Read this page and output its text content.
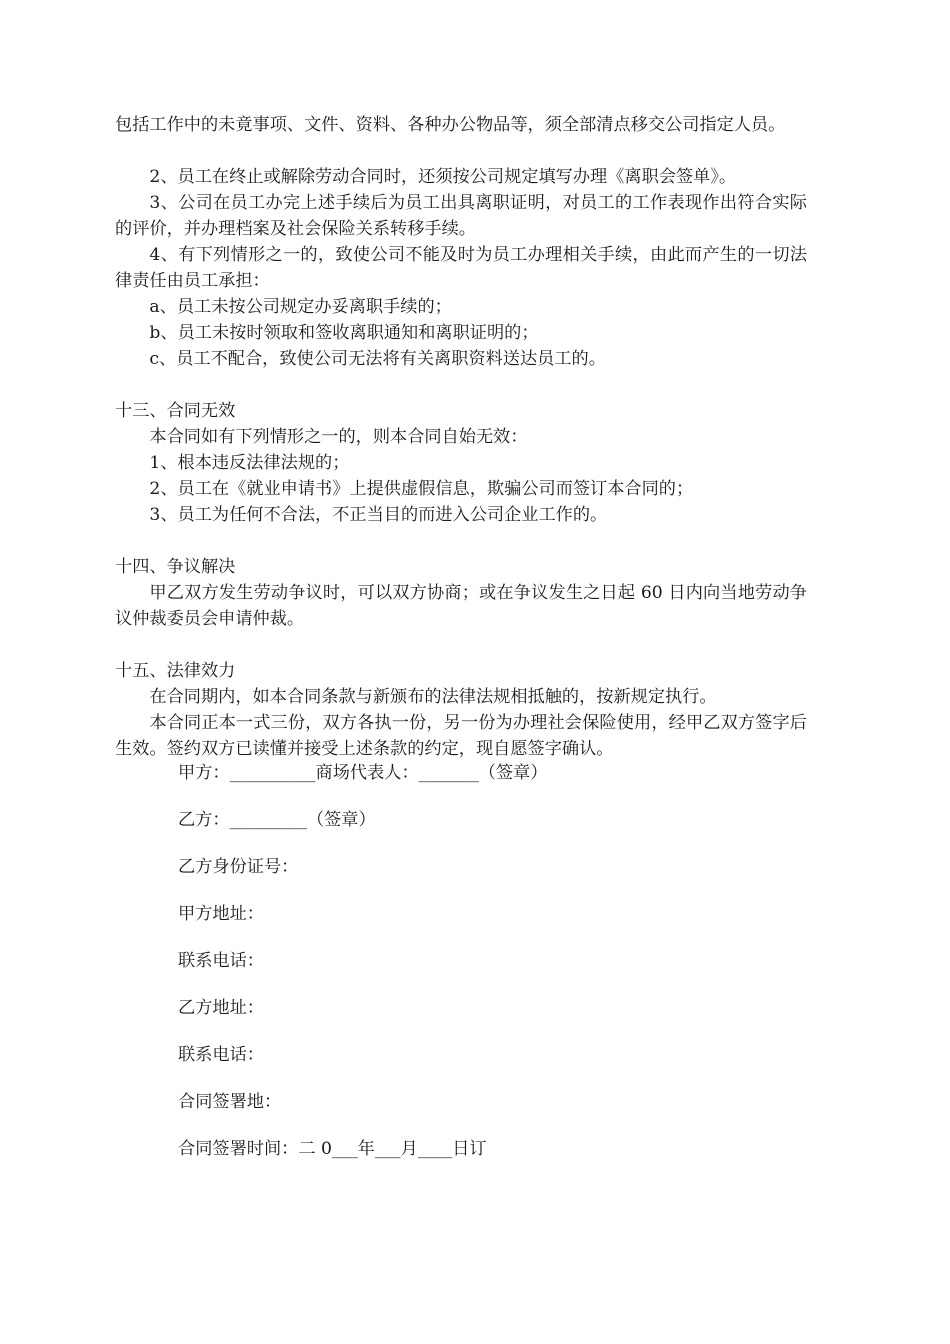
包括工作中的未竟事项、文件、资料、各种办公物品等，须全部清点移交公司指定人员。

2、员工在终止或解除劳动合同时，还须按公司规定填写办理《离职会签单》。

3、公司在员工办完上述手续后为员工出具离职证明，对员工的工作表现作出符合实际的评价，并办理档案及社会保险关系转移手续。

4、有下列情形之一的，致使公司不能及时为员工办理相关手续，由此而产生的一切法律责任由员工承担：

a、员工未按公司规定办妥离职手续的；

b、员工未按时领取和签收离职通知和离职证明的；

c、员工不配合，致使公司无法将有关离职资料送达员工的。

十三、合同无效

本合同如有下列情形之一的，则本合同自始无效：

1、根本违反法律法规的；

2、员工在《就业申请书》上提供虚假信息，欺骗公司而签订本合同的；

3、员工为任何不合法，不正当目的而进入公司企业工作的。

十四、争议解决

甲乙双方发生劳动争议时，可以双方协商；或在争议发生之日起 60 日内向当地劳动争议仲裁委员会申请仲裁。

十五、法律效力

在合同期内，如本合同条款与新颁布的法律法规相抵触的，按新规定执行。

本合同正本一式三份，双方各执一份，另一份为办理社会保险使用，经甲乙双方签字后生效。签约双方已读懂并接受上述条款的约定，现自愿签字确认。

甲方：__________商场代表人：_______（签章）

乙方：_________（签章）

乙方身份证号：

甲方地址：

联系电话：

乙方地址：

联系电话：

合同签署地：

合同签署时间：二 0___年___月____日订
